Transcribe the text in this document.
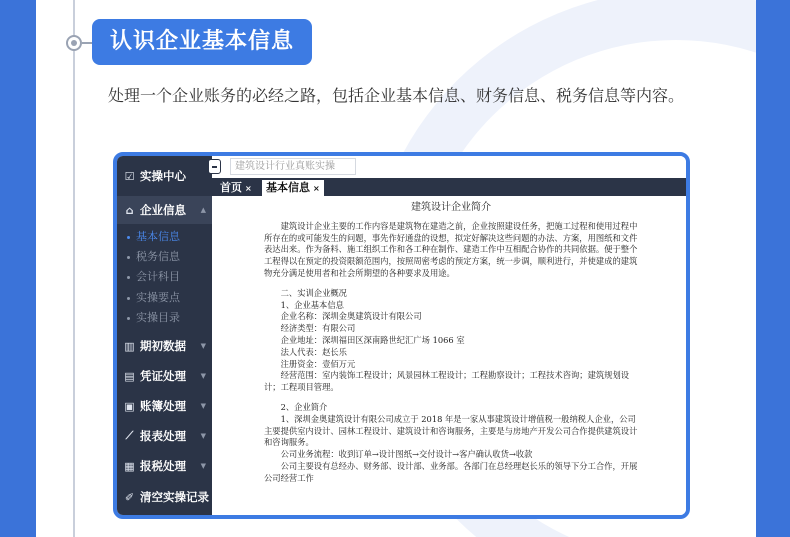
认识企业基本信息
处理一个企业账务的必经之路，包括企业基本信息、财务信息、税务信息等内容。
☑ 实操中心
⌂ 企业信息 ▲
基本信息
税务信息
会计科目
实操要点
实操目录
▥ 期初数据 ▼
▤ 凭证处理 ▼
▣ 账簿处理 ▼
⟋ 报表处理 ▼
▦ 报税处理 ▼
✐ 清空实操记录
建筑设计行业真账实操
首页 ×	基本信息 ×
建筑设计企业简介

建筑设计企业主要的工作内容是建筑物在建造之前，企业按照建设任务，把施工过程和使用过程中所存在的或可能发生的问题，事先作好通盘的设想，拟定好解决这些问题的办法、方案，用图纸和文件表达出来。作为备料、施工组织工作和各工种在制作、建造工作中互相配合协作的共同依据。便于整个工程得以在预定的投资限额范围内，按照周密考虑的预定方案，统一步调，顺利进行，并使建成的建筑物充分满足使用者和社会所期望的各种要求及用途。

二、实训企业概况

1、企业基本信息

企业名称：深圳金奥建筑设计有限公司

经济类型：有限公司

企业地址：深圳福田区深南路世纪汇广场 1066 室

法人代表：赵长乐

注册资金：壹佰万元

经营范围：室内装饰工程设计；风景园林工程设计；工程勘察设计；工程技术咨询；建筑规划设计；工程项目管理。

2、企业简介

1、深圳金奥建筑设计有限公司成立于 2018 年是一家从事建筑设计增值税一般纳税人企业，公司主要提供室内设计、园林工程设计、建筑设计和咨询服务，主要是与房地产开发公司合作提供建筑设计和咨询服务。

公司业务流程：收到订单→设计图纸→交付设计→客户确认收货→收款

公司主要设有总经办、财务部、设计部、业务部。各部门在总经理赵长乐的领导下分工合作，开展公司经营工作
